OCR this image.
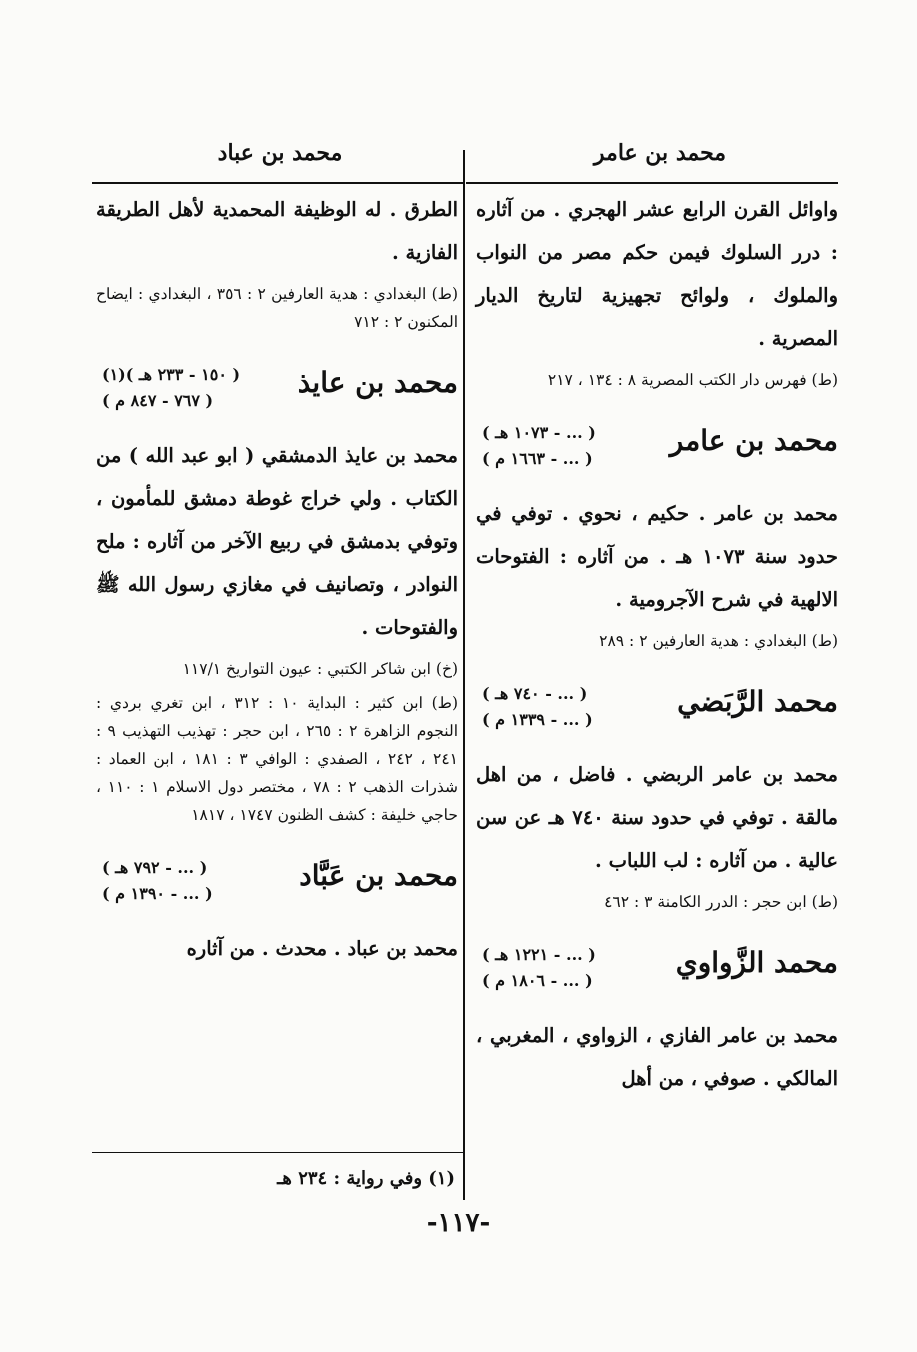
محمد بن عامر
محمد بن عباد

واوائل القرن الرابع عشر الهجري . من آثاره : درر السلوك فيمن حكم مصر من النواب والملوك ، ولوائح تجهيزية لتاريخ الديار المصرية .

(ط) فهرس دار الكتب المصرية ٨ : ١٣٤ ، ٢١٧

محمد بن عامر
( ... - ١٠٧٣ هـ )
( ... - ١٦٦٣ م )

محمد بن عامر . حكيم ، نحوي . توفي في حدود سنة ١٠٧٣ هـ . من آثاره : الفتوحات الالهية في شرح الآجرومية .

(ط) البغدادي : هدية العارفين ٢ : ٢٨٩

محمد الرَّبَضي
( ... - ٧٤٠ هـ )
( ... - ١٣٣٩ م )

محمد بن عامر الربضي . فاضل ، من اهل مالقة . توفي في حدود سنة ٧٤٠ هـ عن سن عالية . من آثاره : لب اللباب .

(ط) ابن حجر : الدرر الكامنة ٣ : ٤٦٢

محمد الزَّواوي
( ... - ١٢٢١ هـ )
( ... - ١٨٠٦ م )

محمد بن عامر الفازي ، الزواوي ، المغربي ، المالكي . صوفي ، من أهل

الطرق . له الوظيفة المحمدية لأهل الطريقة الفازية .

(ط) البغدادي : هدية العارفين ٢ : ٣٥٦ ، البغدادي : ايضاح المكنون ٢ : ٧١٢

محمد بن عايذ
( ١٥٠ - ٢٣٣ هـ )(١)
( ٧٦٧ - ٨٤٧ م )

محمد بن عايذ الدمشقي ( ابو عبد الله ) من الكتاب . ولي خراج غوطة دمشق للمأمون ، وتوفي بدمشق في ربيع الآخر من آثاره : ملح النوادر ، وتصانيف في مغازي رسول الله ﷺ والفتوحات .

(خ) ابن شاكر الكتبي : عيون التواريخ ١١٧/١

(ط) ابن كثير : البداية ١٠ : ٣١٢ ، ابن تغري بردي : النجوم الزاهرة ٢ : ٢٦٥ ، ابن حجر : تهذيب التهذيب ٩ : ٢٤١ ، ٢٤٢ ، الصفدي : الوافي ٣ : ١٨١ ، ابن العماد : شذرات الذهب ٢ : ٧٨ ، مختصر دول الاسلام ١ : ١١٠ ، حاجي خليفة : كشف الظنون ١٧٤٧ ، ١٨١٧

محمد بن عَبَّاد
( ... - ٧٩٢ هـ )
( ... - ١٣٩٠ م )

محمد بن عباد . محدث . من آثاره

(١) وفي رواية : ٢٣٤ هـ
-١١٧-
